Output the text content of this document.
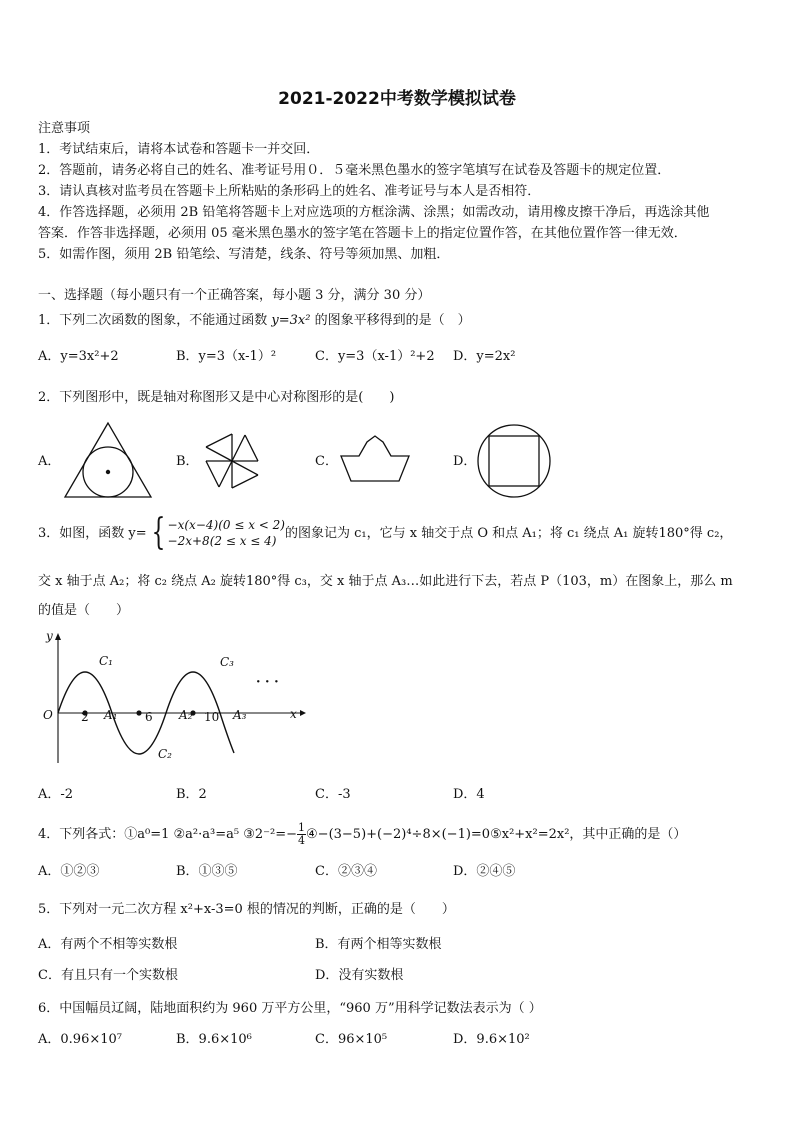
2021-2022中考数学模拟试卷
注意事项
1．考试结束后，请将本试卷和答题卡一并交回．
2．答题前，请务必将自己的姓名、准考证号用０．５毫米黑色墨水的签字笔填写在试卷及答题卡的规定位置．
3．请认真核对监考员在答题卡上所粘贴的条形码上的姓名、准考证号与本人是否相符．
4．作答选择题，必须用 2B 铅笔将答题卡上对应选项的方框涂满、涂黑；如需改动，请用橡皮擦干净后，再选涂其他
答案．作答非选择题，必须用 05 毫米黑色墨水的签字笔在答题卡上的指定位置作答，在其他位置作答一律无效．
5．如需作图，须用 2B 铅笔绘、写清楚，线条、符号等须加黑、加粗．
一、选择题（每小题只有一个正确答案，每小题 3 分，满分 30 分）
1．下列二次函数的图象，不能通过函数 y=3x² 的图象平移得到的是（　）
A．y=3x²+2	B．y=3（x-1）²	C．y=3（x-1）²+2 D．y=2x²
2．下列图形中，既是轴对称图形又是中心对称图形的是(　　)
A．	B．	C．	D．
3．如图，函数 y= { −x(x−4)(0 ≤ x < 2)
−2x+8(2 ≤ x ≤ 4)
的图象记为 c₁，它与 x 轴交于点 O 和点 A₁；将 c₁ 绕点 A₁ 旋转180°得 c₂，
交 x 轴于点 A₂；将 c₂ 绕点 A₂ 旋转180°得 c₃，交 x 轴于点 A₃…如此进行下去，若点 P（103，m）在图象上，那么 m
的值是（　　）
y
x
O 2	6	10
A₁	A₂	A₃
C₁
C₂
C₃
· · ·
A．-2	B．2	C．-3	D．4
4．下列各式：①a⁰=1 ②a²·a³=a⁵ ③2⁻²=− $\frac{1}{4}$ ④−(3−5)+(−2)⁴÷8×(−1)=0⑤x²+x²=2x²，其中正确的是（）
A．①②③	B．①③⑤	C．②③④	D．②④⑤
5．下列对一元二次方程 x²+x-3=0 根的情况的判断，正确的是（　　）
A．有两个不相等实数根	B．有两个相等实数根
C．有且只有一个实数根	D．没有实数根
6．中国幅员辽阔，陆地面积约为 960 万平方公里，“960 万”用科学记数法表示为（ ）
A．0.96×10⁷	B．9.6×10⁶	C．96×10⁵	D．9.6×10²
